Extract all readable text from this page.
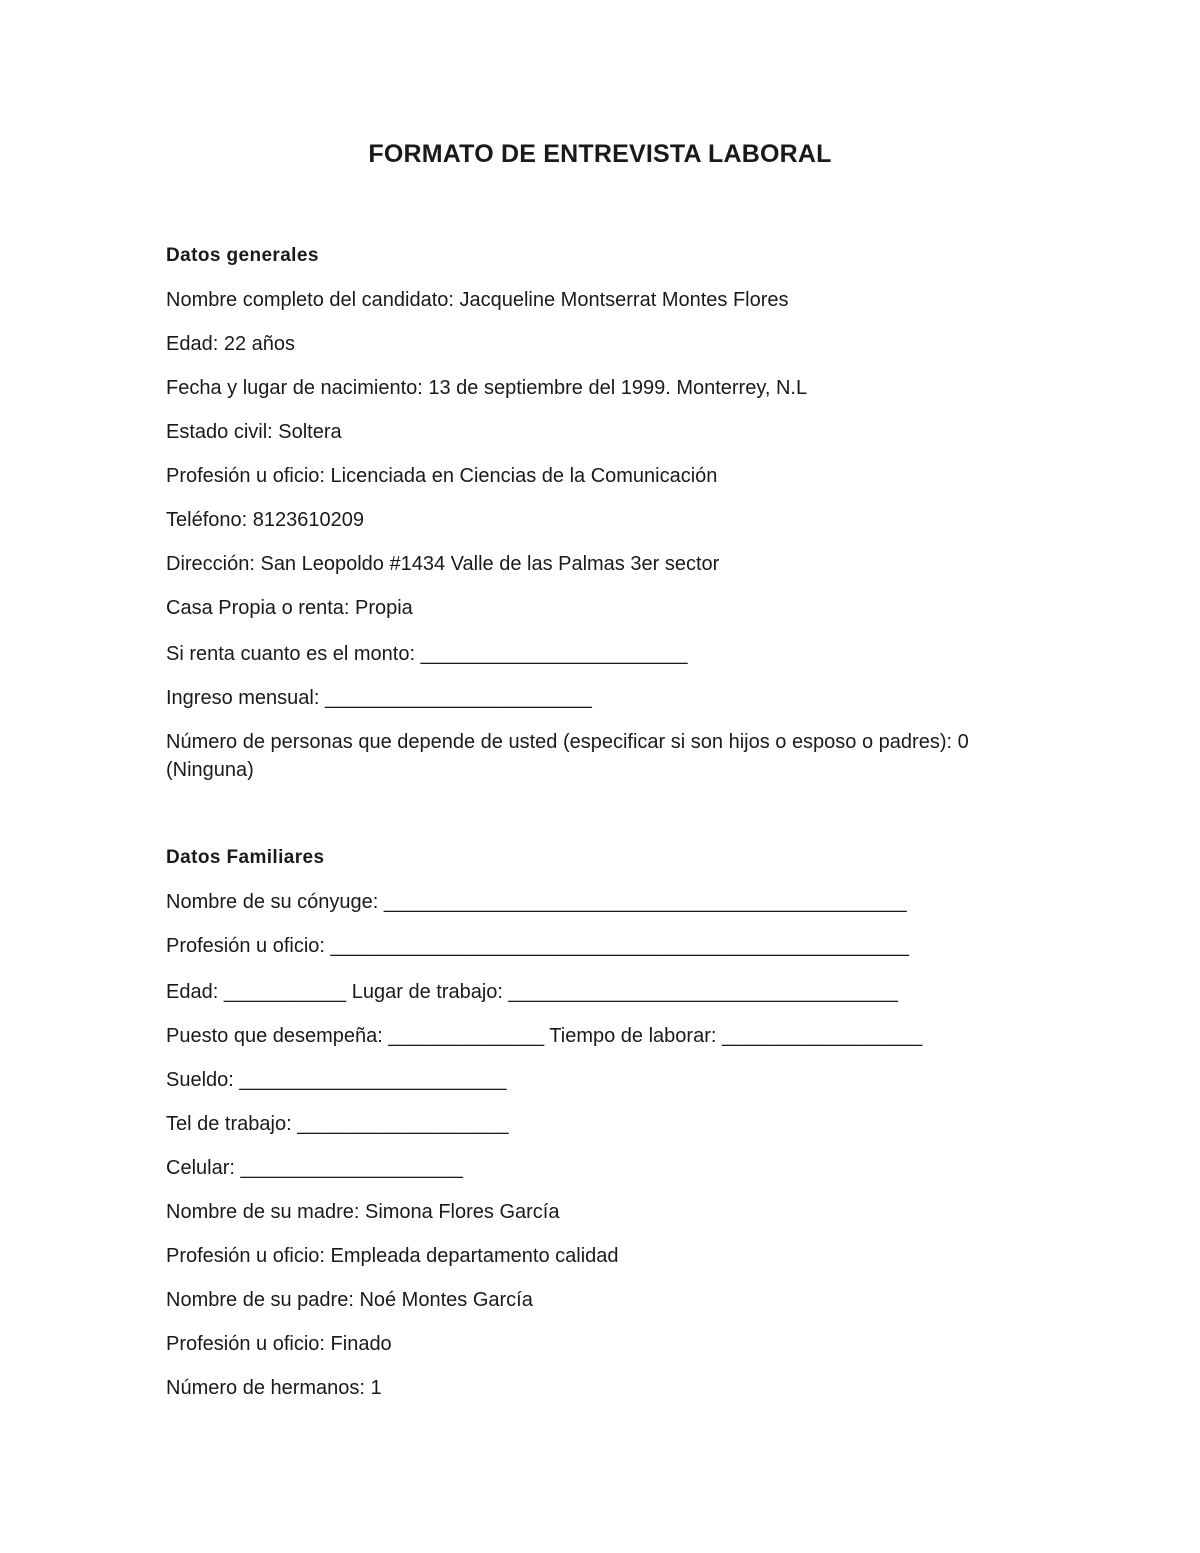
FORMATO DE ENTREVISTA LABORAL

Datos generales

Nombre completo del candidato: Jacqueline Montserrat Montes Flores

Edad: 22 años

Fecha y lugar de nacimiento: 13 de septiembre del 1999. Monterrey, N.L

Estado civil: Soltera

Profesión u oficio: Licenciada en Ciencias de la Comunicación

Teléfono: 8123610209

Dirección: San Leopoldo #1434 Valle de las Palmas 3er sector

Casa Propia o renta: Propia

Si renta cuanto es el monto: ________________________

Ingreso mensual: ________________________

Número de personas que depende de usted (especificar si son hijos o esposo o padres): 0 (Ninguna)

Datos Familiares

Nombre de su cónyuge: _______________________________________________

Profesión u oficio: ____________________________________________________

Edad: ___________ Lugar de trabajo: ___________________________________

Puesto que desempeña: ______________ Tiempo de laborar: __________________

Sueldo: ________________________

Tel de trabajo: ___________________

Celular: ____________________

Nombre de su madre: Simona Flores García

Profesión u oficio: Empleada departamento calidad

Nombre de su padre: Noé Montes García

Profesión u oficio: Finado

Número de hermanos: 1
